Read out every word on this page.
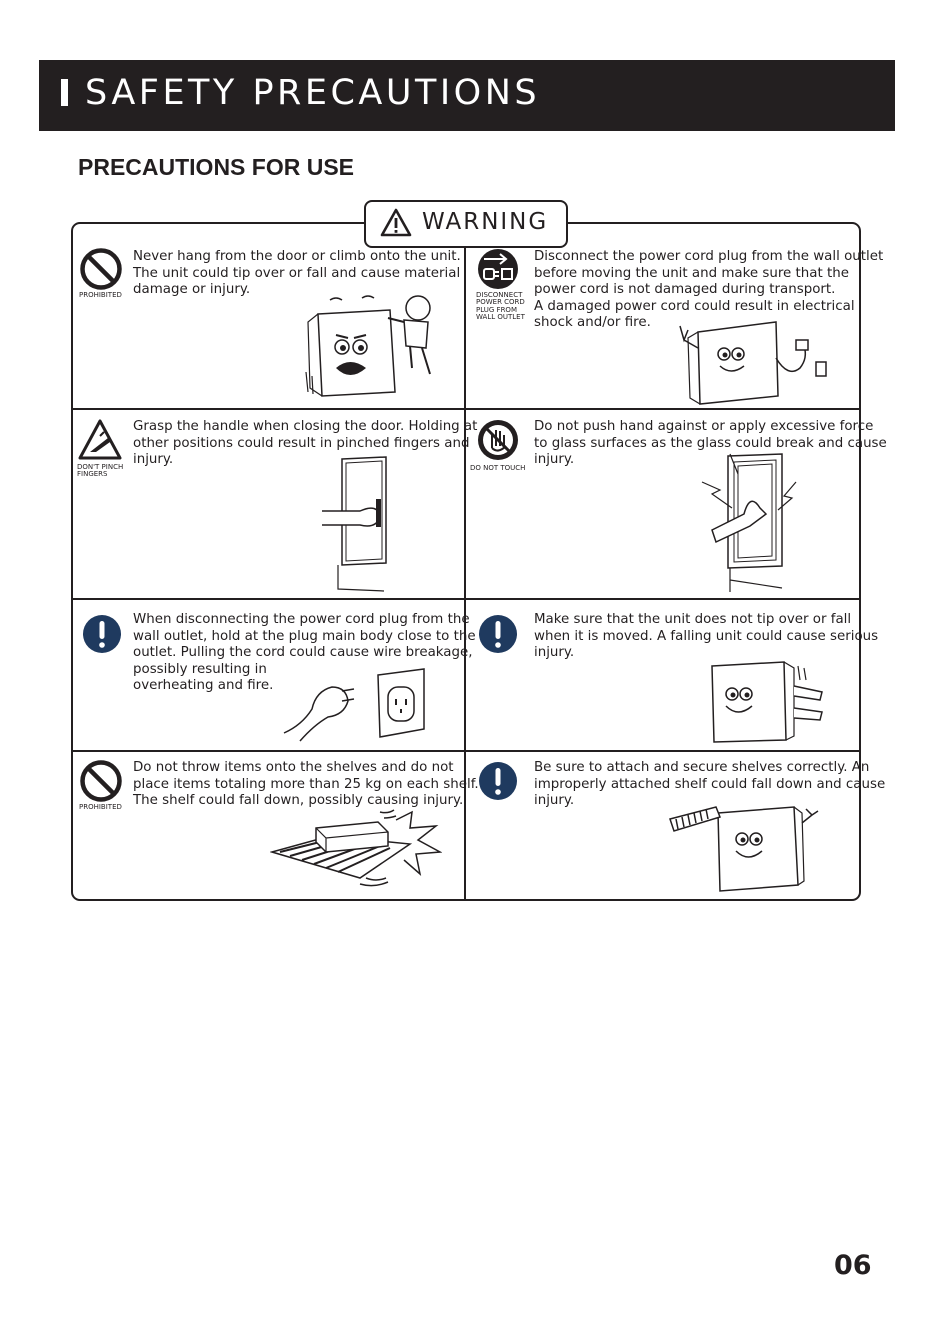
SAFETY PRECAUTIONS
PRECAUTIONS FOR USE
WARNING
PROHIBITED
Never hang from the door or climb onto the unit.
The unit could tip over or fall and cause material
damage or injury.	DISCONNECT
POWER CORD
PLUG FROM
WALL OUTLET
Disconnect the power cord plug from the wall outlet
before moving the unit and make sure that the
power cord is not damaged during transport.
A damaged power cord could result in electrical
shock and/or fire.
DON'T PINCH
FINGERS
Grasp the handle when closing the door. Holding at
other positions could result in pinched fingers and
injury.
DO NOT TOUCH
Do not push hand against or apply excessive force
to glass surfaces as the glass could break and cause
injury.
When disconnecting the power cord plug from the
wall outlet, hold at the plug main body close to the
outlet. Pulling the cord could cause wire breakage,
possibly resulting in
overheating and fire.
Make sure that the unit does not tip over or fall
when it is moved. A falling unit could cause serious
injury.
PROHIBITED
Do not throw items onto the shelves and do not
place items totaling more than 25 kg on each shelf.
The shelf could fall down, possibly causing injury.
Be sure to attach and secure shelves correctly. An
improperly attached shelf could fall down and cause
injury.
06
